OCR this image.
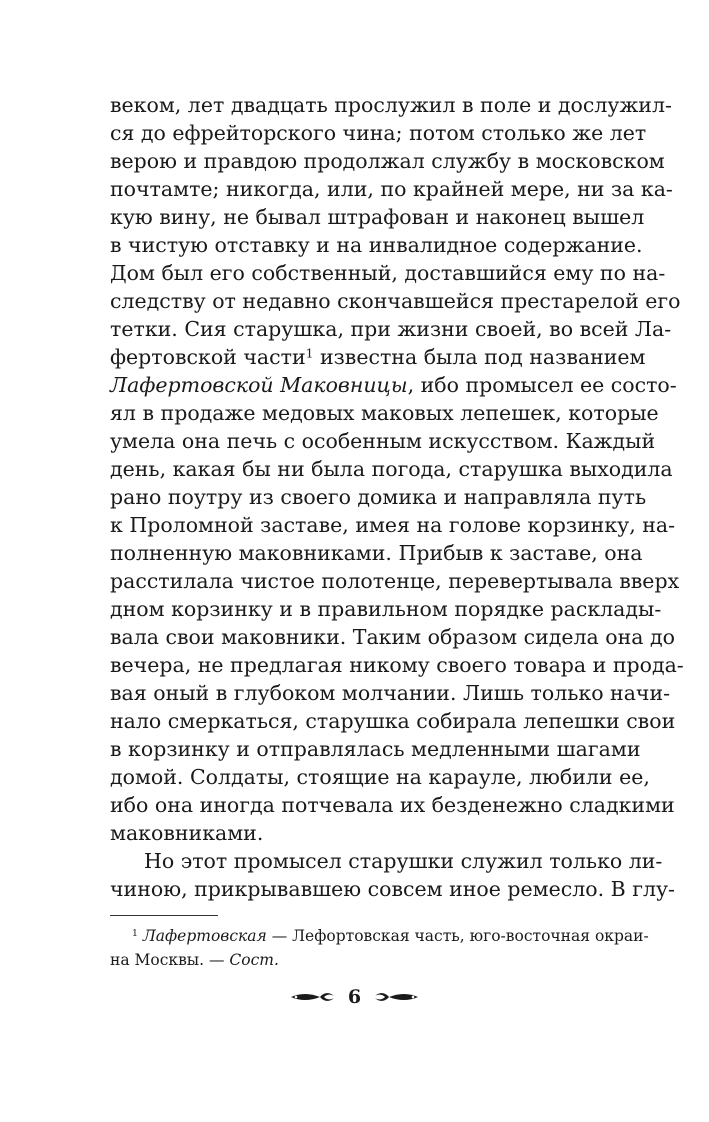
веком, лет двадцать прослужил в поле и дослужил-
ся до ефрейторского чина; потом столько же лет
верою и правдою продолжал службу в московском
почтамте; никогда, или, по крайней мере, ни за ка-
кую вину, не бывал штрафован и наконец вышел
в чистую отставку и на инвалидное содержание.
Дом был его собственный, доставшийся ему по на-
следству от недавно скончавшейся престарелой его
тетки. Сия старушка, при жизни своей, во всей Ла-
фертовской части$^1$ известна была под названием
Лафертовской Маковницы, ибо промысел ее состо-
ял в продаже медовых маковых лепешек, которые
умела она печь с особенным искусством. Каждый
день, какая бы ни была погода, старушка выходила
рано поутру из своего домика и направляла путь
к Проломной заставе, имея на голове корзинку, на-
полненную маковниками. Прибыв к заставе, она
расстилала чистое полотенце, перевертывала вверх
дном корзинку и в правильном порядке расклады-
вала свои маковники. Таким образом сидела она до
вечера, не предлагая никому своего товара и прода-
вая оный в глубоком молчании. Лишь только начи-
нало смеркаться, старушка собирала лепешки свои
в корзинку и отправлялась медленными шагами
домой. Солдаты, стоящие на карауле, любили ее,
ибо она иногда потчевала их безденежно сладкими
маковниками.
Но этот промысел старушки служил только ли-
чиною, прикрывавшею совсем иное ремесло. В глу-
$^1$ Лафертовская — Лефортовская часть, юго-восточная окраи-
на Москвы. — Сост.
6
